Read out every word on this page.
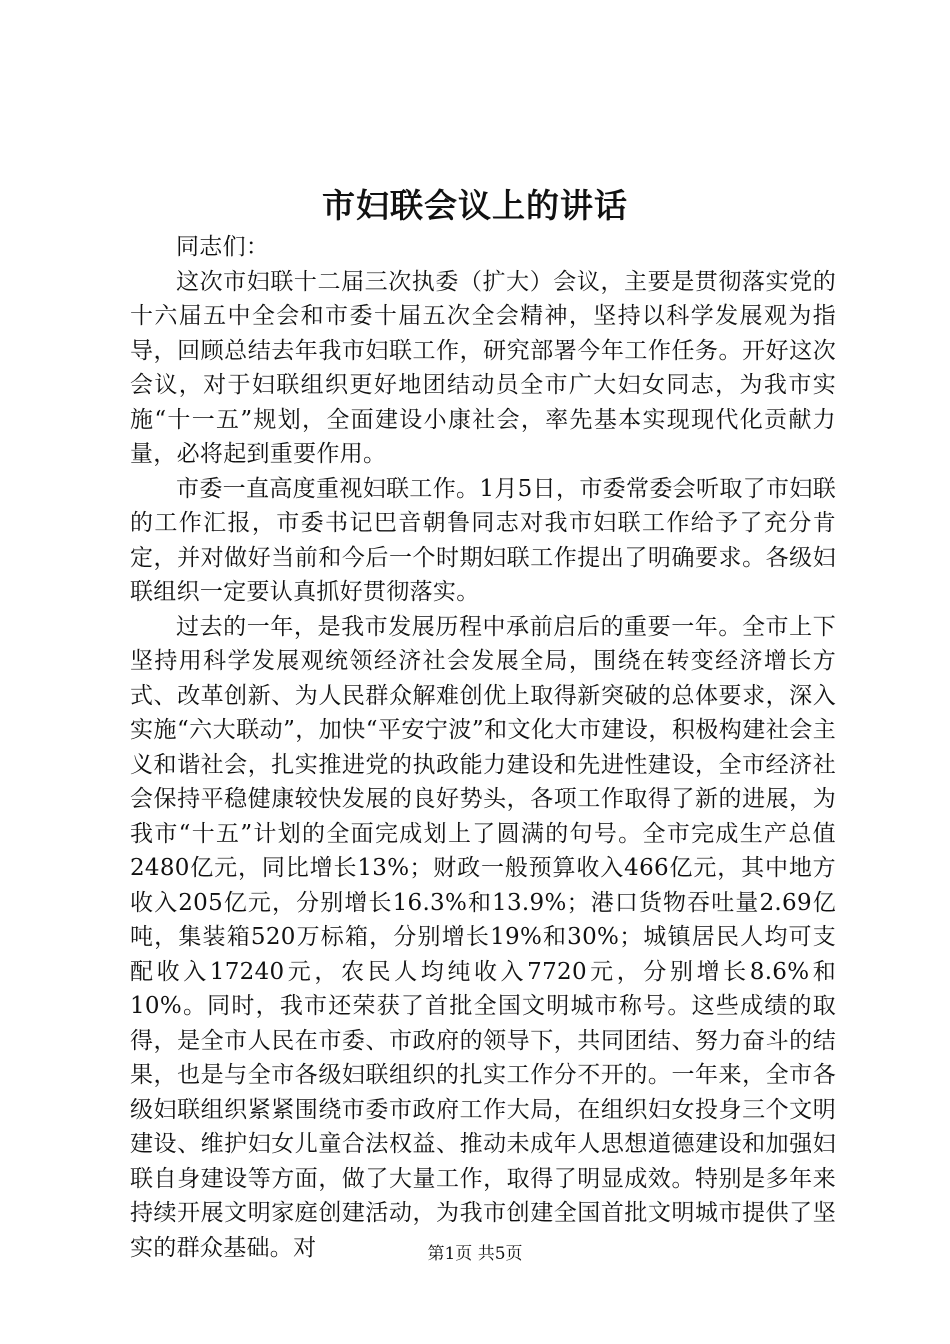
市妇联会议上的讲话

同志们：

这次市妇联十二届三次执委（扩大）会议，主要是贯彻落实党的十六届五中全会和市委十届五次全会精神，坚持以科学发展观为指导，回顾总结去年我市妇联工作，研究部署今年工作任务。开好这次会议，对于妇联组织更好地团结动员全市广大妇女同志，为我市实施“十一五”规划，全面建设小康社会，率先基本实现现代化贡献力量，必将起到重要作用。

市委一直高度重视妇联工作。1月5日，市委常委会听取了市妇联的工作汇报，市委书记巴音朝鲁同志对我市妇联工作给予了充分肯定，并对做好当前和今后一个时期妇联工作提出了明确要求。各级妇联组织一定要认真抓好贯彻落实。

过去的一年，是我市发展历程中承前启后的重要一年。全市上下坚持用科学发展观统领经济社会发展全局，围绕在转变经济增长方式、改革创新、为人民群众解难创优上取得新突破的总体要求，深入实施“六大联动”，加快“平安宁波”和文化大市建设，积极构建社会主义和谐社会，扎实推进党的执政能力建设和先进性建设，全市经济社会保持平稳健康较快发展的良好势头，各项工作取得了新的进展，为我市“十五”计划的全面完成划上了圆满的句号。全市完成生产总值2480亿元，同比增长13%；财政一般预算收入466亿元，其中地方收入205亿元，分别增长16.3%和13.9%；港口货物吞吐量2.69亿吨，集装箱520万标箱，分别增长19%和30%；城镇居民人均可支配收入17240元，农民人均纯收入7720元，分别增长8.6%和10%。同时，我市还荣获了首批全国文明城市称号。这些成绩的取得，是全市人民在市委、市政府的领导下，共同团结、努力奋斗的结果，也是与全市各级妇联组织的扎实工作分不开的。一年来，全市各级妇联组织紧紧围绕市委市政府工作大局，在组织妇女投身三个文明建设、维护妇女儿童合法权益、推动未成年人思想道德建设和加强妇联自身建设等方面，做了大量工作，取得了明显成效。特别是多年来持续开展文明家庭创建活动，为我市创建全国首批文明城市提供了坚实的群众基础。对	第1页 共5页
